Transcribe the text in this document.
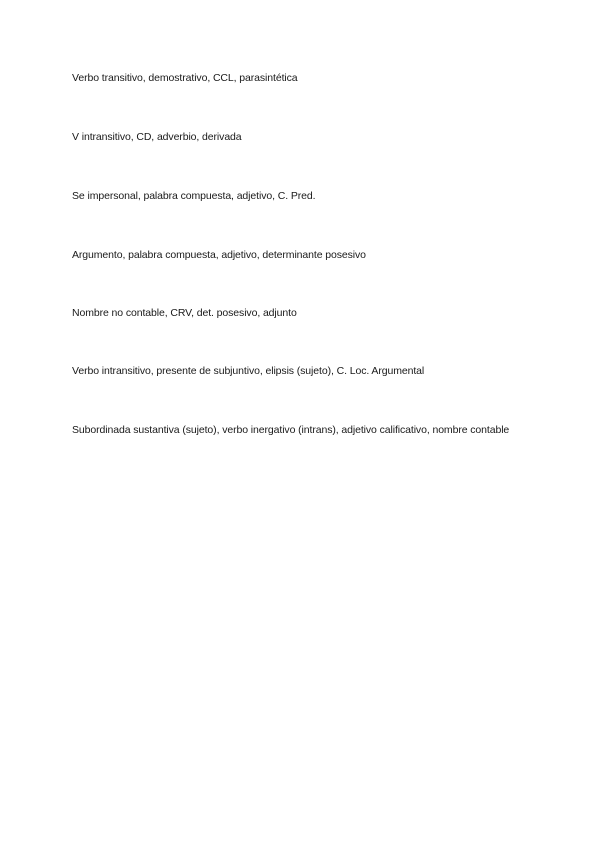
Verbo transitivo, demostrativo, CCL, parasintética

V intransitivo, CD, adverbio, derivada

Se impersonal, palabra compuesta, adjetivo, C. Pred.

Argumento, palabra compuesta, adjetivo, determinante posesivo

Nombre no contable, CRV, det. posesivo, adjunto

Verbo intransitivo, presente de subjuntivo, elipsis (sujeto), C. Loc. Argumental

Subordinada sustantiva (sujeto), verbo inergativo (intrans), adjetivo calificativo, nombre contable
